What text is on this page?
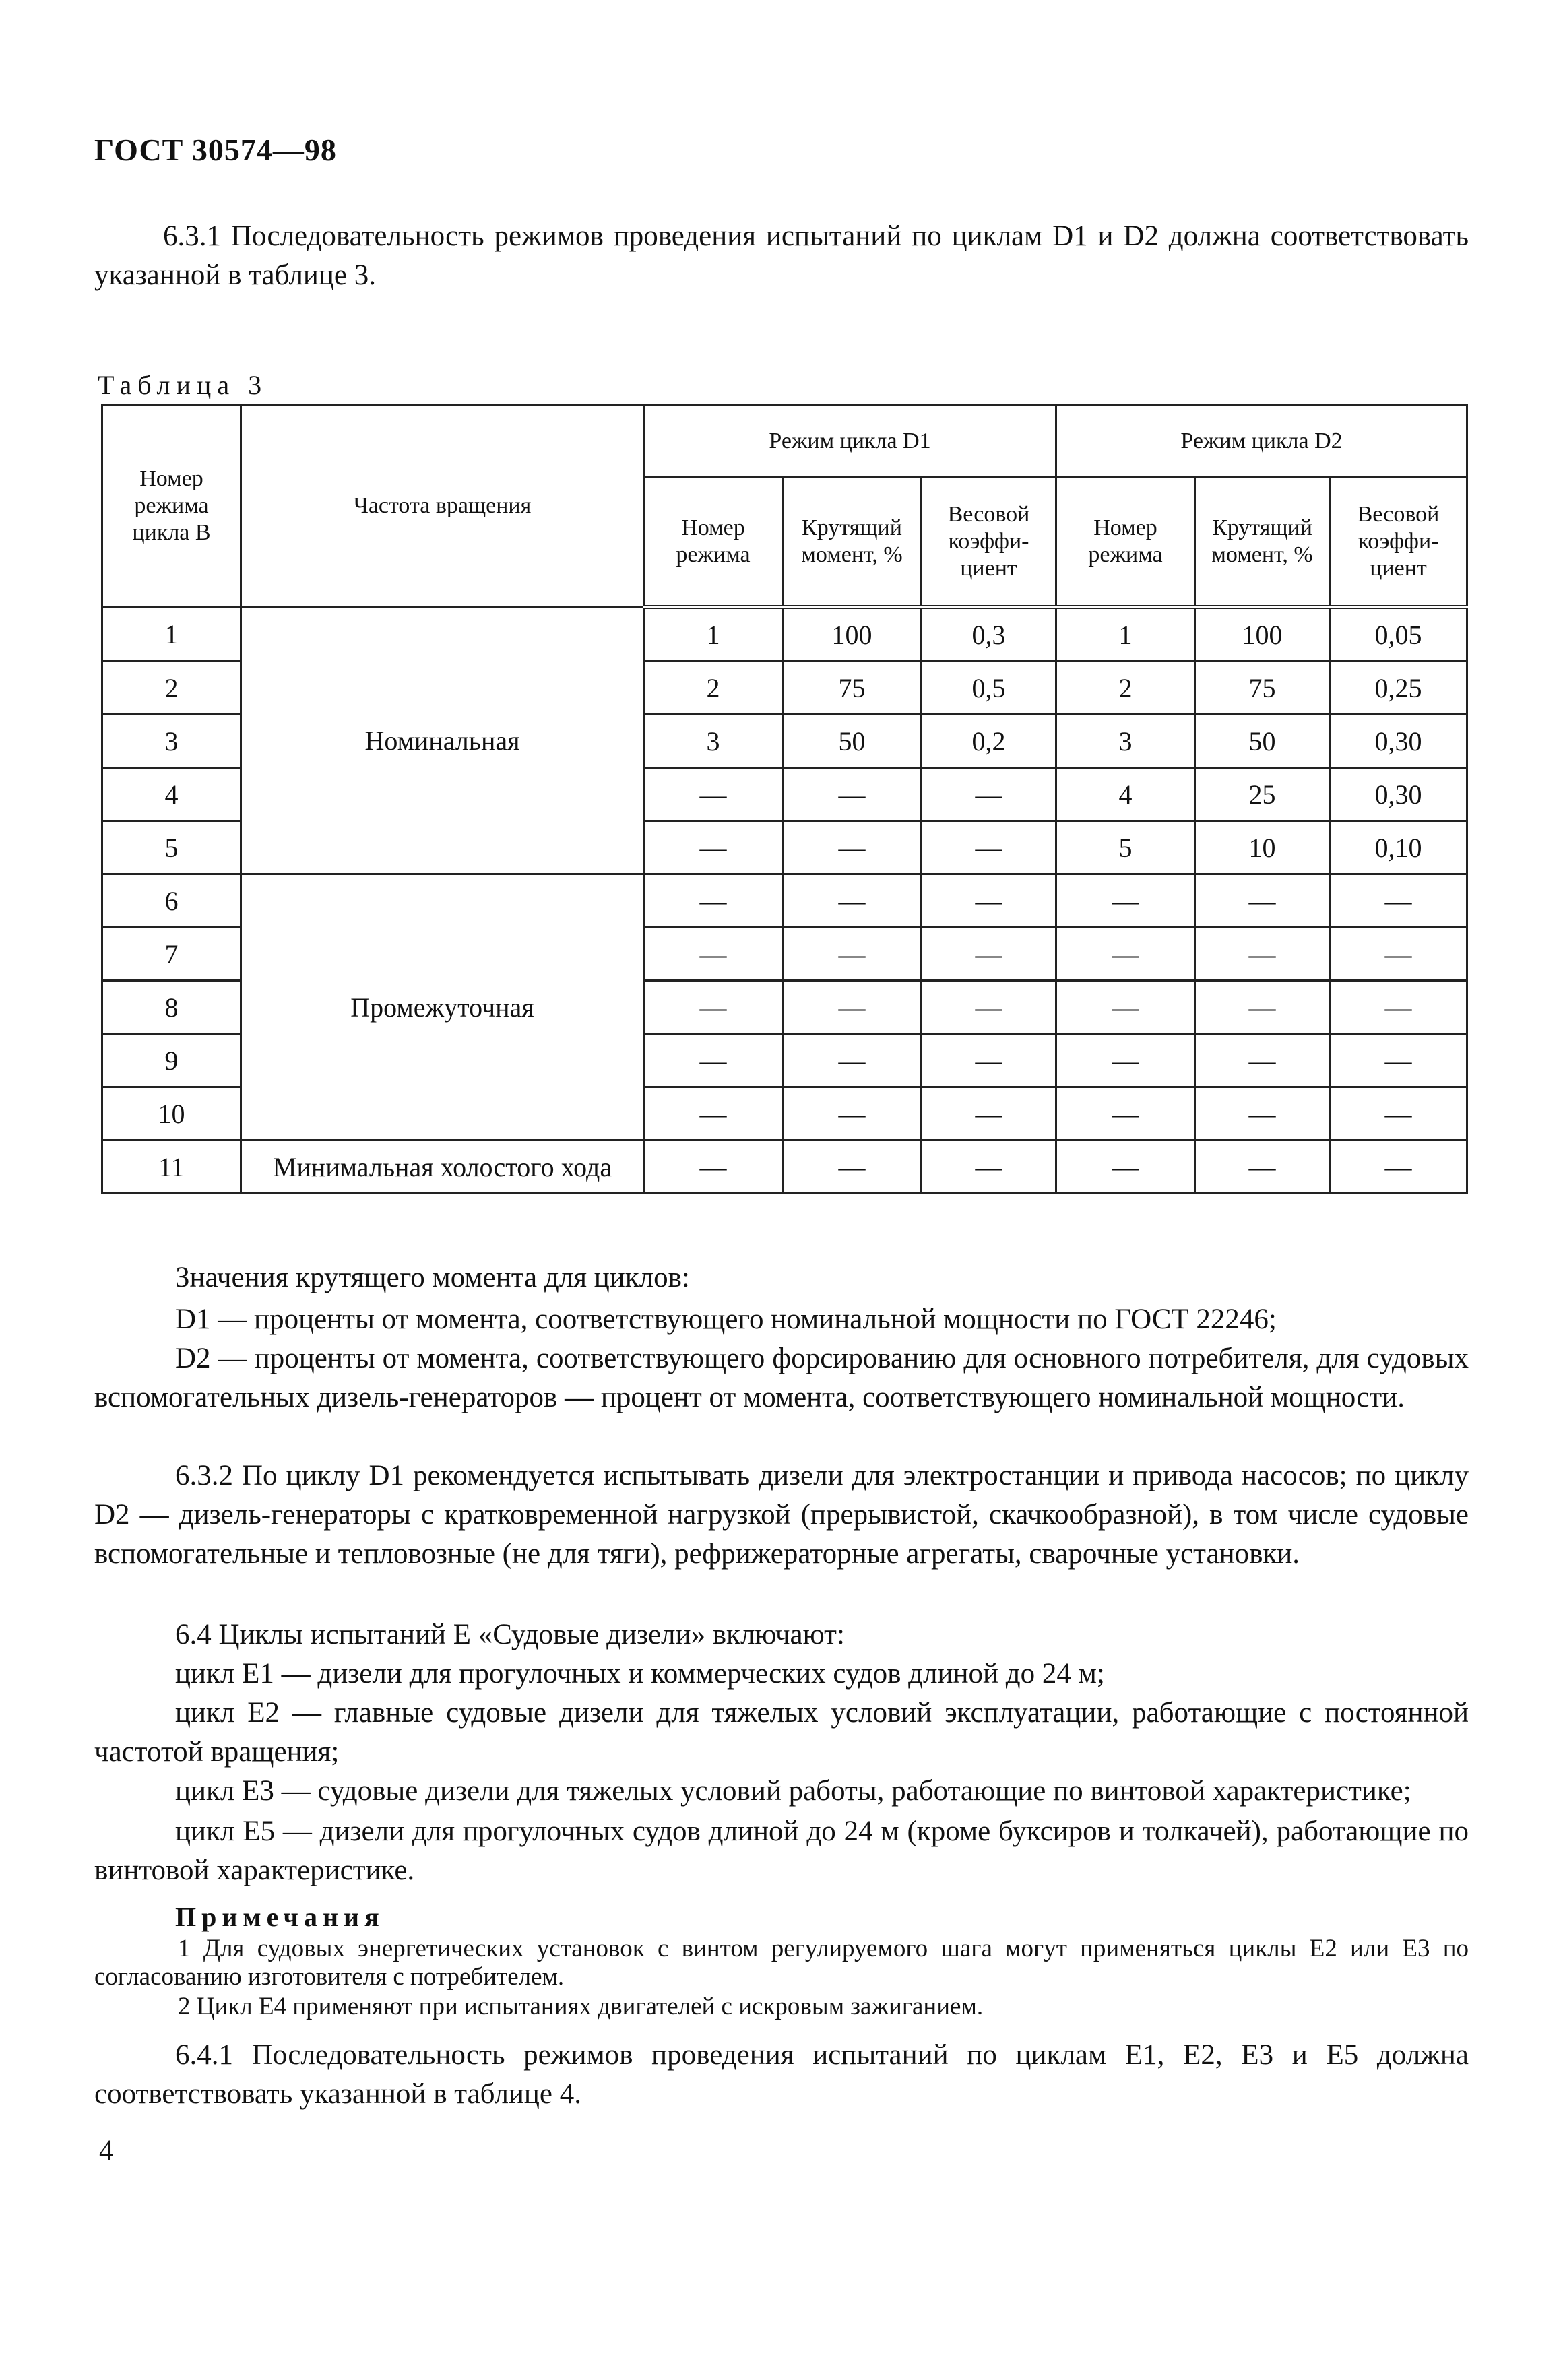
ГОСТ 30574—98
6.3.1 Последовательность режимов проведения испытаний по циклам D1 и D2 должна соответствовать указанной в таблице 3.
Таблица 3
Номер режима цикла В	Частота вращения	Режим цикла D1			Режим цикла D2		
		Номер режима	Крутящий момент, %	Весовой коэффи-циент	Номер режима	Крутящий момент, %	Весовой коэффи-циент
1	Номинальная	1	100	0,3	1	100	0,05
2		2	75	0,5	2	75	0,25
3		3	50	0,2	3	50	0,30
4		—	—	—	4	25	0,30
5		—	—	—	5	10	0,10
6	Промежуточная	—	—	—	—	—	—
7		—	—	—	—	—	—
8		—	—	—	—	—	—
9		—	—	—	—	—	—
10		—	—	—	—	—	—
11	Минимальная холостого хода	—	—	—	—	—	—
Значения крутящего момента для циклов:
D1 — проценты от момента, соответствующего номинальной мощности по ГОСТ 22246;
D2 — проценты от момента, соответствующего форсированию для основного потребителя, для судовых вспомогательных дизель-генераторов — процент от момента, соответствующего номинальной мощности.
6.3.2 По циклу D1 рекомендуется испытывать дизели для электростанции и привода насосов; по циклу D2 — дизель-генераторы с кратковременной нагрузкой (прерывистой, скачкообразной), в том числе судовые вспомогательные и тепловозные (не для тяги), рефрижераторные агрегаты, сварочные установки.
6.4 Циклы испытаний Е «Судовые дизели» включают:
цикл Е1 — дизели для прогулочных и коммерческих судов длиной до 24 м;
цикл Е2 — главные судовые дизели для тяжелых условий эксплуатации, работающие с постоянной частотой вращения;
цикл Е3 — судовые дизели для тяжелых условий работы, работающие по винтовой характеристике;
цикл Е5 — дизели для прогулочных судов длиной до 24 м (кроме буксиров и толкачей), работающие по винтовой характеристике.
Примечания
1 Для судовых энергетических установок с винтом регулируемого шага могут применяться циклы Е2 или Е3 по согласованию изготовителя с потребителем.
2 Цикл Е4 применяют при испытаниях двигателей с искровым зажиганием.
6.4.1 Последовательность режимов проведения испытаний по циклам Е1, Е2, Е3 и Е5 должна соответствовать указанной в таблице 4.
4
